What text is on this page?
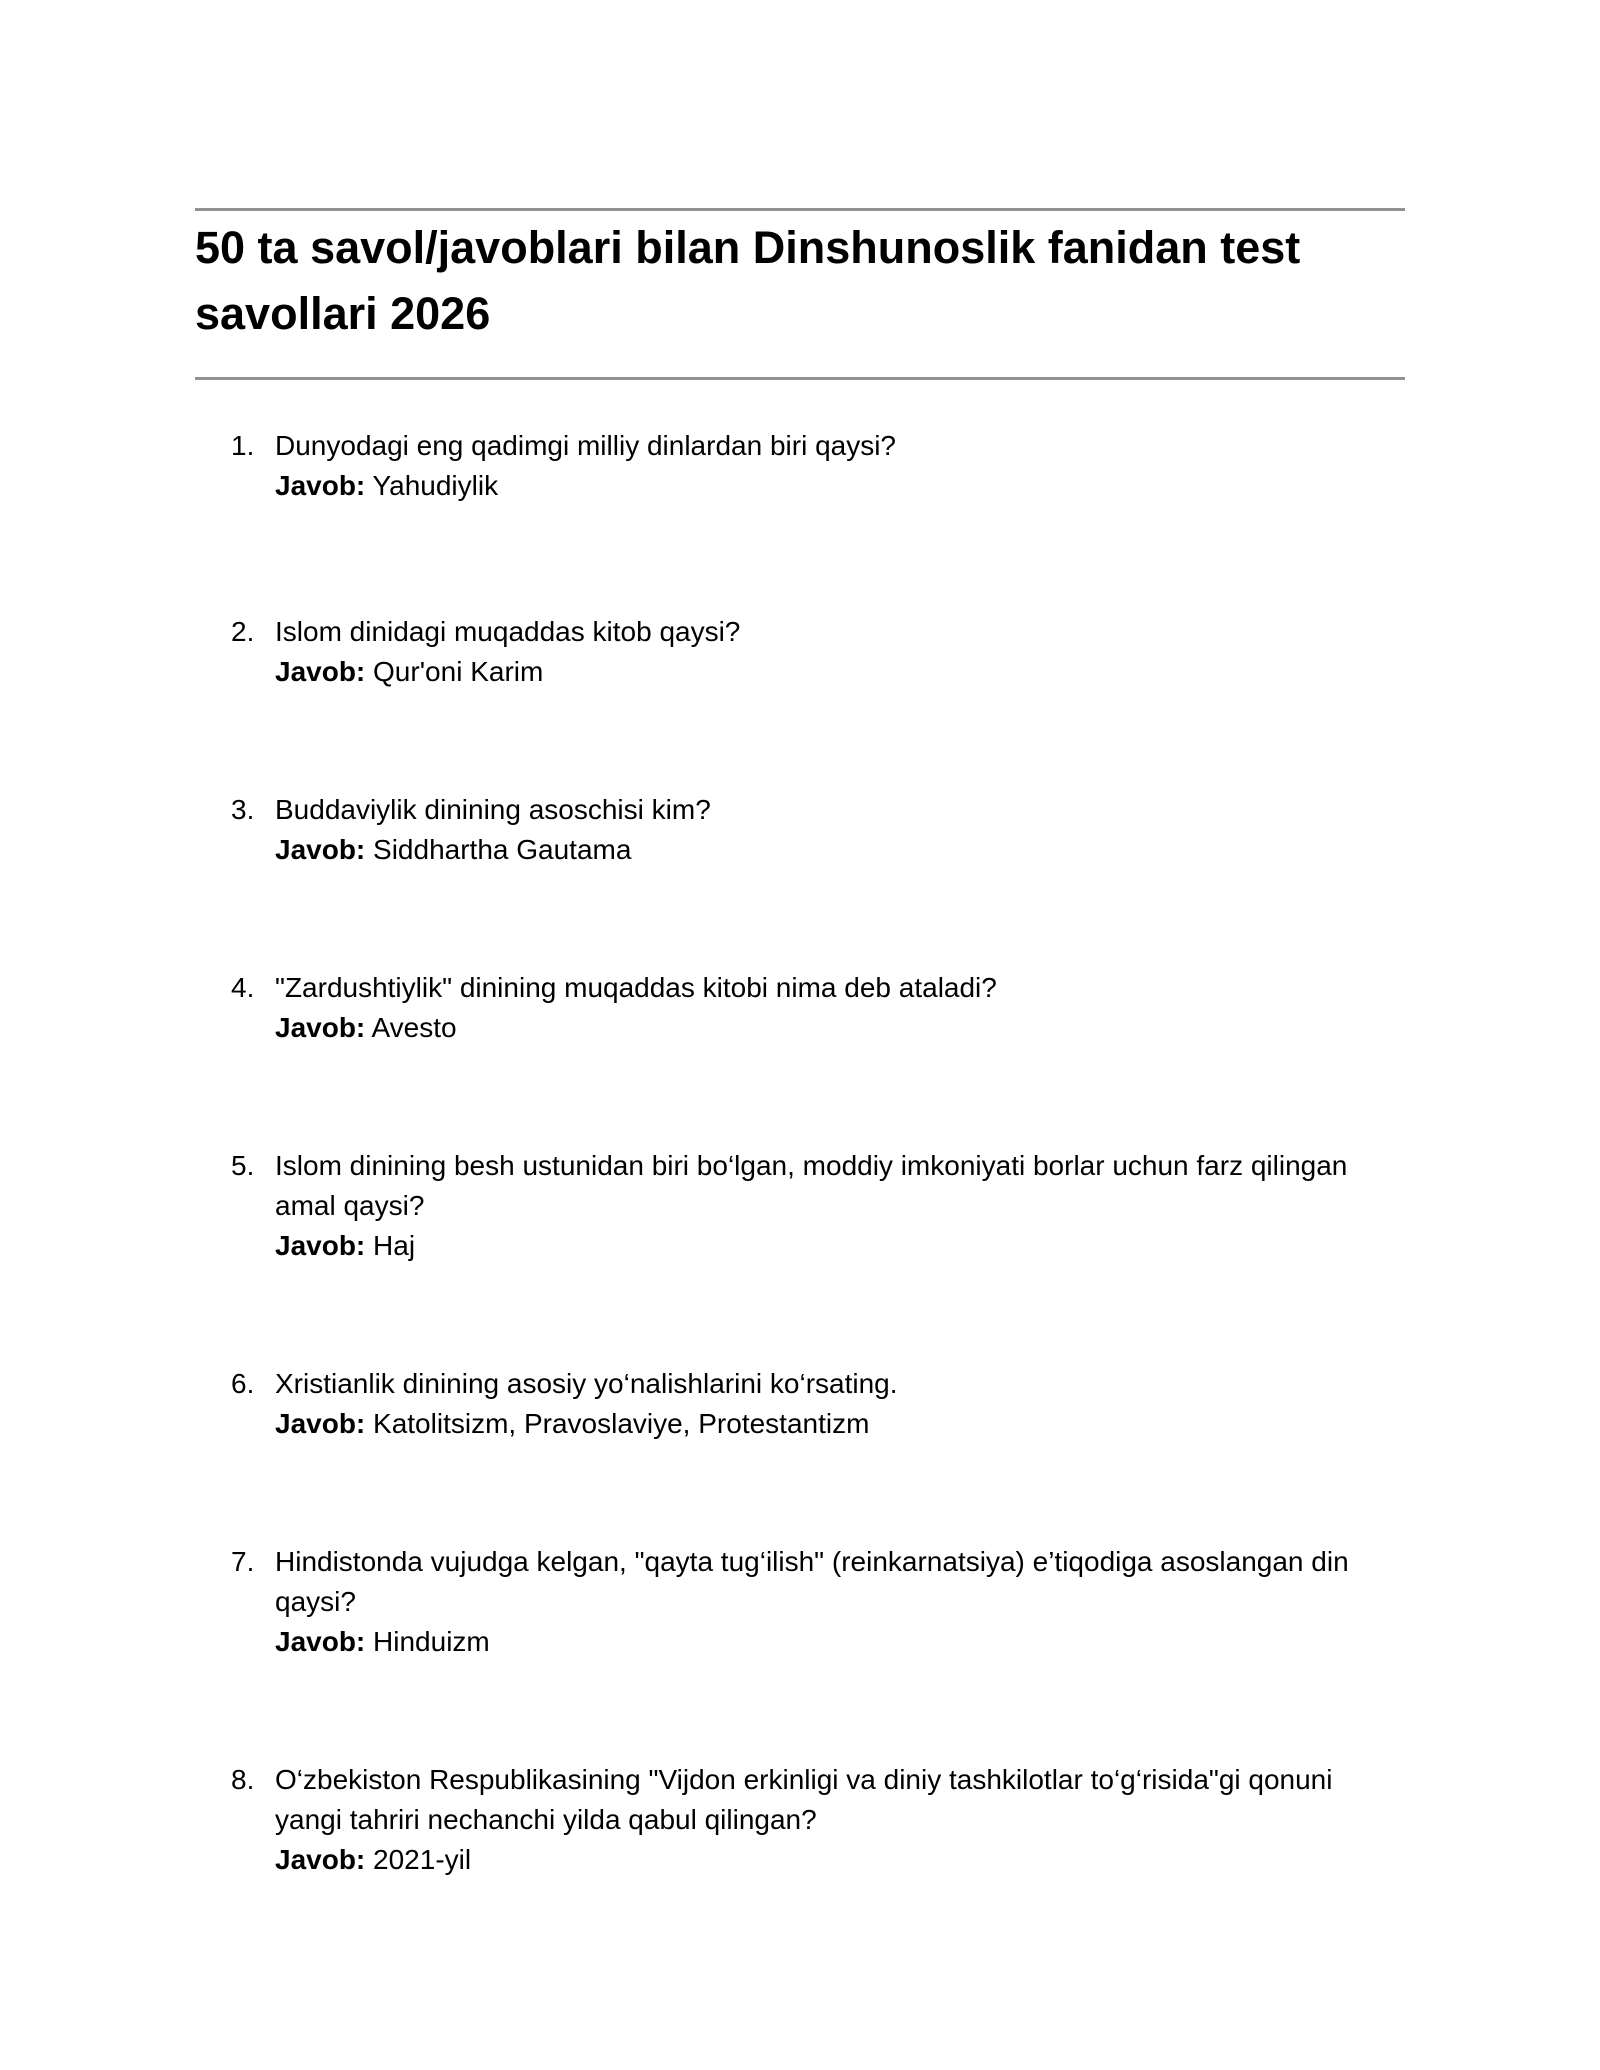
50 ta savol/javoblari bilan Dinshunoslik fanidan test
savollari 2026
1. Dunyodagi eng qadimgi milliy dinlardan biri qaysi?
Javob: Yahudiylik
2. Islom dinidagi muqaddas kitob qaysi?
Javob: Qur'oni Karim
3. Buddaviylik dinining asoschisi kim?
Javob: Siddhartha Gautama
4. "Zardushtiylik" dinining muqaddas kitobi nima deb ataladi?
Javob: Avesto
5. Islom dinining besh ustunidan biri bo‘lgan, moddiy imkoniyati borlar uchun farz qilingan
amal qaysi?
Javob: Haj
6. Xristianlik dinining asosiy yo‘nalishlarini ko‘rsating.
Javob: Katolitsizm, Pravoslaviye, Protestantizm
7. Hindistonda vujudga kelgan, "qayta tug‘ilish" (reinkarnatsiya) e’tiqodiga asoslangan din
qaysi?
Javob: Hinduizm
8. O‘zbekiston Respublikasining "Vijdon erkinligi va diniy tashkilotlar to‘g‘risida"gi qonuni
yangi tahriri nechanchi yilda qabul qilingan?
Javob: 2021-yil
